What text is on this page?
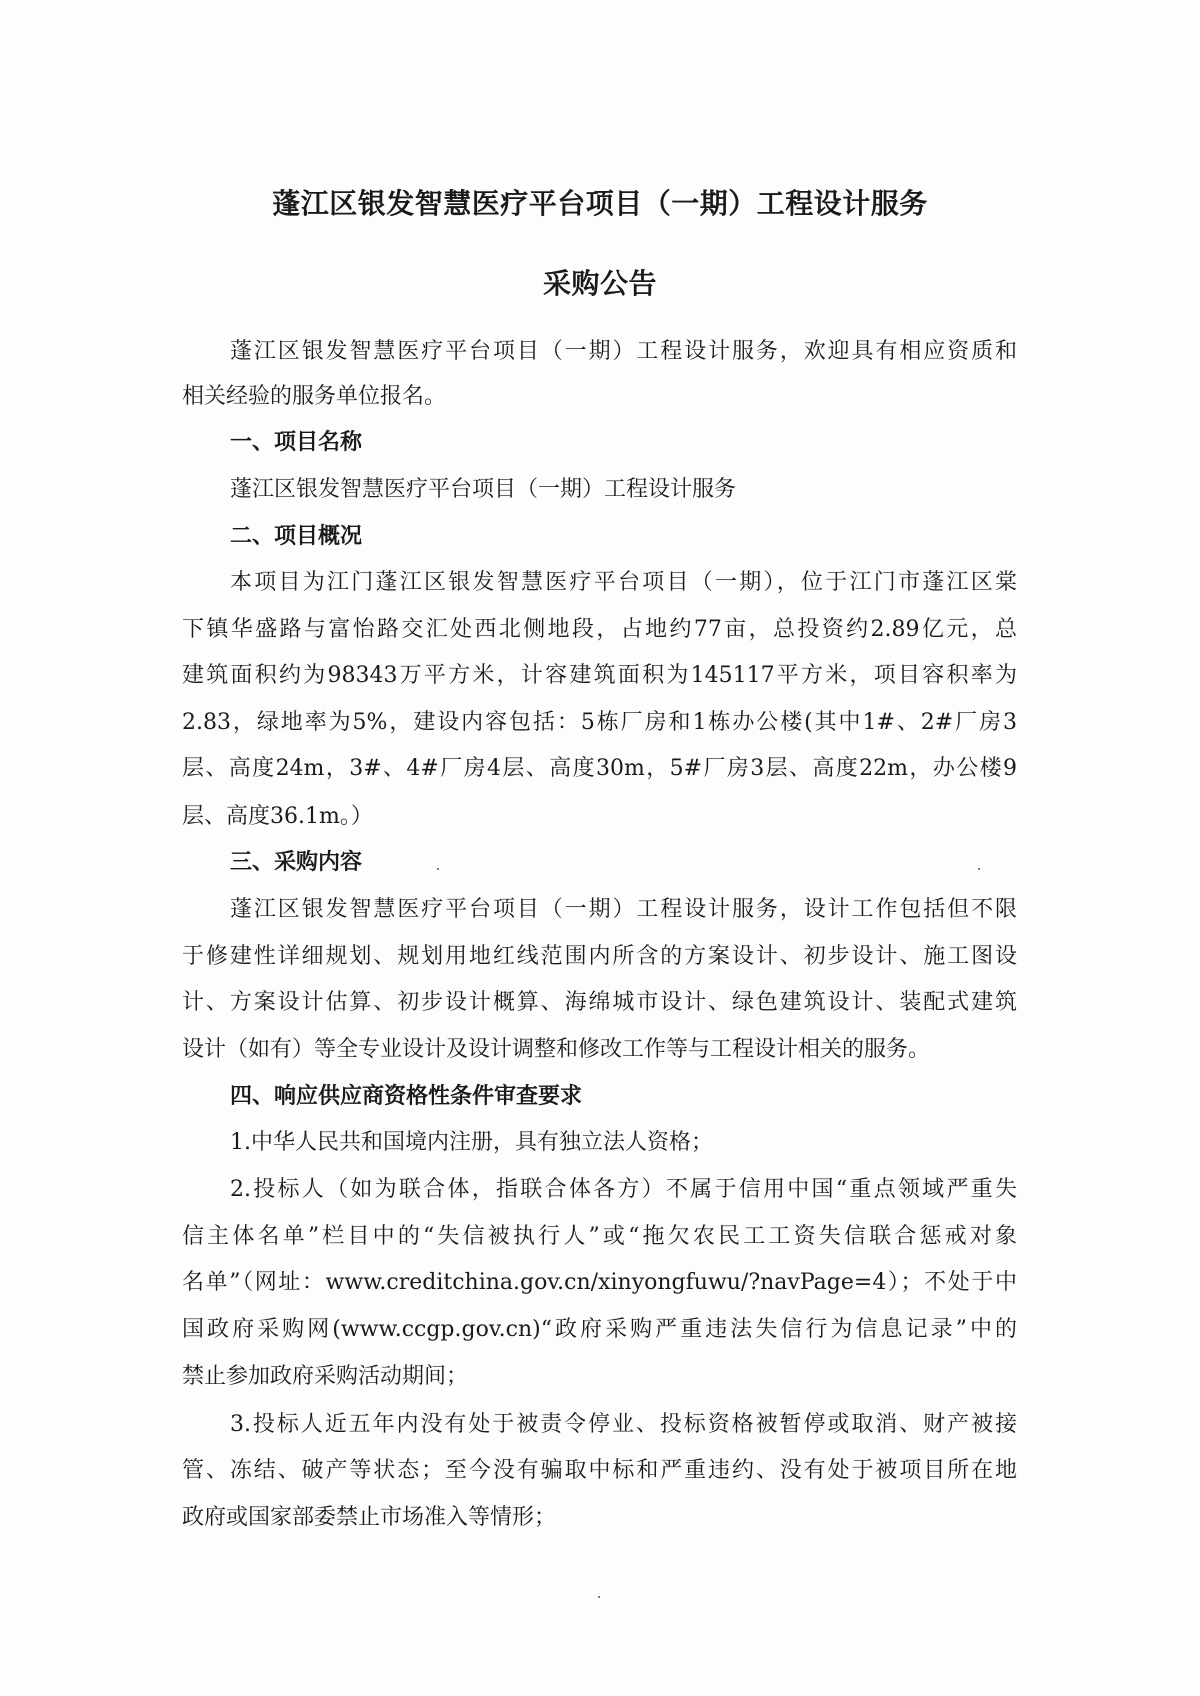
蓬江区银发智慧医疗平台项目（一期）工程设计服务
采购公告

蓬江区银发智慧医疗平台项目（一期）工程设计服务，欢迎具有相应资质和

相关经验的服务单位报名。

一、项目名称

蓬江区银发智慧医疗平台项目（一期）工程设计服务

二、项目概况

本项目为江门蓬江区银发智慧医疗平台项目（一期），位于江门市蓬江区棠

下镇华盛路与富怡路交汇处西北侧地段，占地约77亩，总投资约2.89亿元，总

建筑面积约为98343万平方米，计容建筑面积为145117平方米，项目容积率为

2.83，绿地率为5%，建设内容包括：5栋厂房和1栋办公楼(其中1#、2#厂房3

层、高度24m，3#、4#厂房4层、高度30m，5#厂房3层、高度22m，办公楼9

层、高度36.1m。）

三、采购内容

蓬江区银发智慧医疗平台项目（一期）工程设计服务，设计工作包括但不限

于修建性详细规划、规划用地红线范围内所含的方案设计、初步设计、施工图设

计、方案设计估算、初步设计概算、海绵城市设计、绿色建筑设计、装配式建筑

设计（如有）等全专业设计及设计调整和修改工作等与工程设计相关的服务。

四、响应供应商资格性条件审查要求

1.中华人民共和国境内注册，具有独立法人资格；

2.投标人（如为联合体，指联合体各方）不属于信用中国“重点领域严重失

信主体名单”栏目中的“失信被执行人”或“拖欠农民工工资失信联合惩戒对象

名单”（网址：www.creditchina.gov.cn/xinyongfuwu/?navPage=4）；不处于中

国政府采购网(www.ccgp.gov.cn)“政府采购严重违法失信行为信息记录”中的

禁止参加政府采购活动期间；

3.投标人近五年内没有处于被责令停业、投标资格被暂停或取消、财产被接

管、冻结、破产等状态；至今没有骗取中标和严重违约、没有处于被项目所在地

政府或国家部委禁止市场准入等情形；
